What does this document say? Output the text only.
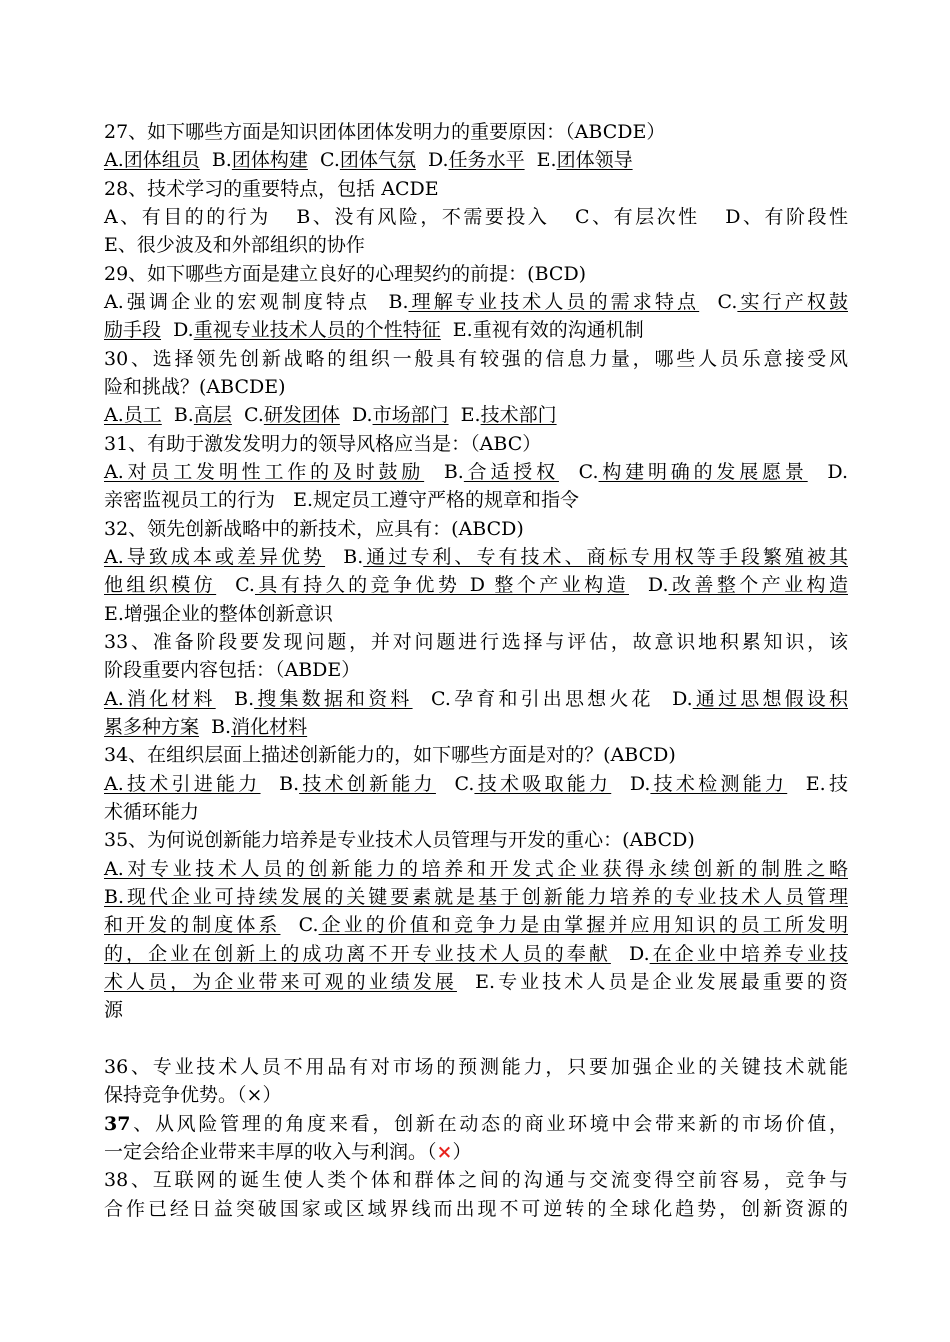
27、如下哪些方面是知识团体团体发明力的重要原因：（ABCDE）
A.团体组员  B.团体构建  C.团体气氛  D.任务水平  E.团体领导
28、技术学习的重要特点，包括 ACDE
A、有目的的行为   B、没有风险，不需要投入   C、有层次性   D、有阶段性
E、很少波及和外部组织的协作
29、如下哪些方面是建立良好的心理契约的前提：(BCD)
A.强调企业的宏观制度特点  B.理解专业技术人员的需求特点  C.实行产权鼓
励手段  D.重视专业技术人员的个性特征  E.重视有效的沟通机制
30、选择领先创新战略的组织一般具有较强的信息力量，哪些人员乐意接受风
险和挑战？(ABCDE)
A.员工  B.高层  C.研发团体  D.市场部门  E.技术部门
31、有助于激发发明力的领导风格应当是：（ABC）
A.对员工发明性工作的及时鼓励  B.合适授权  C.构建明确的发展愿景  D.
亲密监视员工的行为   E.规定员工遵守严格的规章和指令
32、领先创新战略中的新技术，应具有：(ABCD)
A.导致成本或差异优势  B.通过专利、专有技术、商标专用权等手段繁殖被其
他组织模仿  C.具有持久的竞争优势 D 整个产业构造  D.改善整个产业构造
E.增强企业的整体创新意识
33、准备阶段要发现问题，并对问题进行选择与评估，故意识地积累知识，该
阶段重要内容包括：（ABDE）
A.消化材料  B.搜集数据和资料  C.孕育和引出思想火花  D.通过思想假设积
累多种方案  B.消化材料
34、在组织层面上描述创新能力的，如下哪些方面是对的？(ABCD)
A.技术引进能力  B.技术创新能力  C.技术吸取能力  D.技术检测能力  E.技
术循环能力
35、为何说创新能力培养是专业技术人员管理与开发的重心：(ABCD)
A.对专业技术人员的创新能力的培养和开发式企业获得永续创新的制胜之略
B.现代企业可持续发展的关键要素就是基于创新能力培养的专业技术人员管理
和开发的制度体系  C.企业的价值和竞争力是由掌握并应用知识的员工所发明
的，企业在创新上的成功离不开专业技术人员的奉献  D.在企业中培养专业技
术人员，为企业带来可观的业绩发展  E.专业技术人员是企业发展最重要的资
源
36、专业技术人员不用品有对市场的预测能力，只要加强企业的关键技术就能
保持竞争优势。（×）
37、从风险管理的角度来看，创新在动态的商业环境中会带来新的市场价值，
一定会给企业带来丰厚的收入与利润。（×）
38、互联网的诞生使人类个体和群体之间的沟通与交流变得空前容易，竞争与
合作已经日益突破国家或区域界线而出现不可逆转的全球化趋势，创新资源的
